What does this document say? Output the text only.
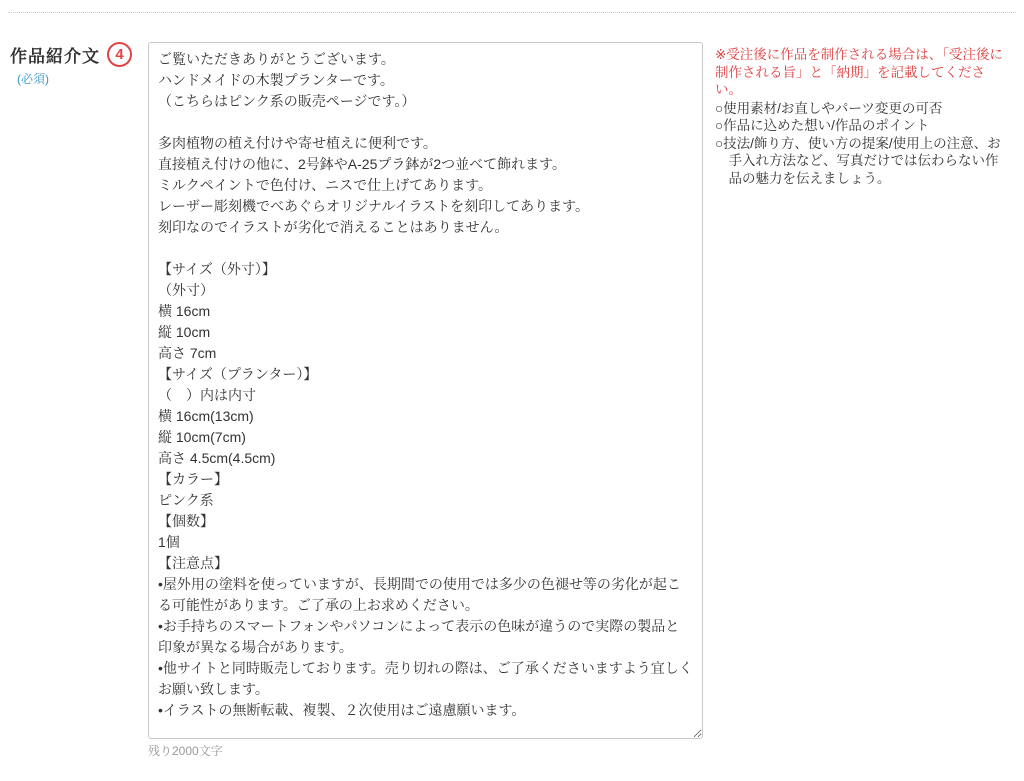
作品紹介文	4
(必須)
ご覧いただきありがとうございます。 ハンドメイドの木製プランターです。 （こちらはピンク系の販売ページです。） 多肉植物の植え付けや寄せ植えに便利です。 直接植え付けの他に、2号鉢やA-25プラ鉢が2つ並べて飾れます。 ミルクペイントで色付け、ニスで仕上げてあります。 レーザー彫刻機でべあぐらオリジナルイラストを刻印してあります。 刻印なのでイラストが劣化で消えることはありません。 【サイズ（外寸）】 （外寸） 横 16cm 縦 10cm 高さ 7cm 【サイズ（プランター）】 （　）内は内寸 横 16cm(13cm) 縦 10cm(7cm) 高さ 4.5cm(4.5cm) 【カラー】 ピンク系 【個数】 1個 【注意点】 •屋外用の塗料を使っていますが、長期間での使用では多少の色褪せ等の劣化が起こる可能性があります。ご了承の上お求めください。 •お手持ちのスマートフォンやパソコンによって表示の色味が違うので実際の製品と印象が異なる場合があります。 •他サイトと同時販売しております。売り切れの際は、ご了承くださいますよう宜しくお願い致します。 •イラストの無断転載、複製、２次使用はご遠慮願います。
残り2000文字
※受注後に作品を制作される場合は、「受注後に制作される旨」と「納期」を記載してください。
○使用素材/お直しやパーツ変更の可否
○作品に込めた想い/作品のポイント
○技法/飾り方、使い方の提案/使用上の注意、お手入れ方法など、写真だけでは伝わらない作品の魅力を伝えましょう。
